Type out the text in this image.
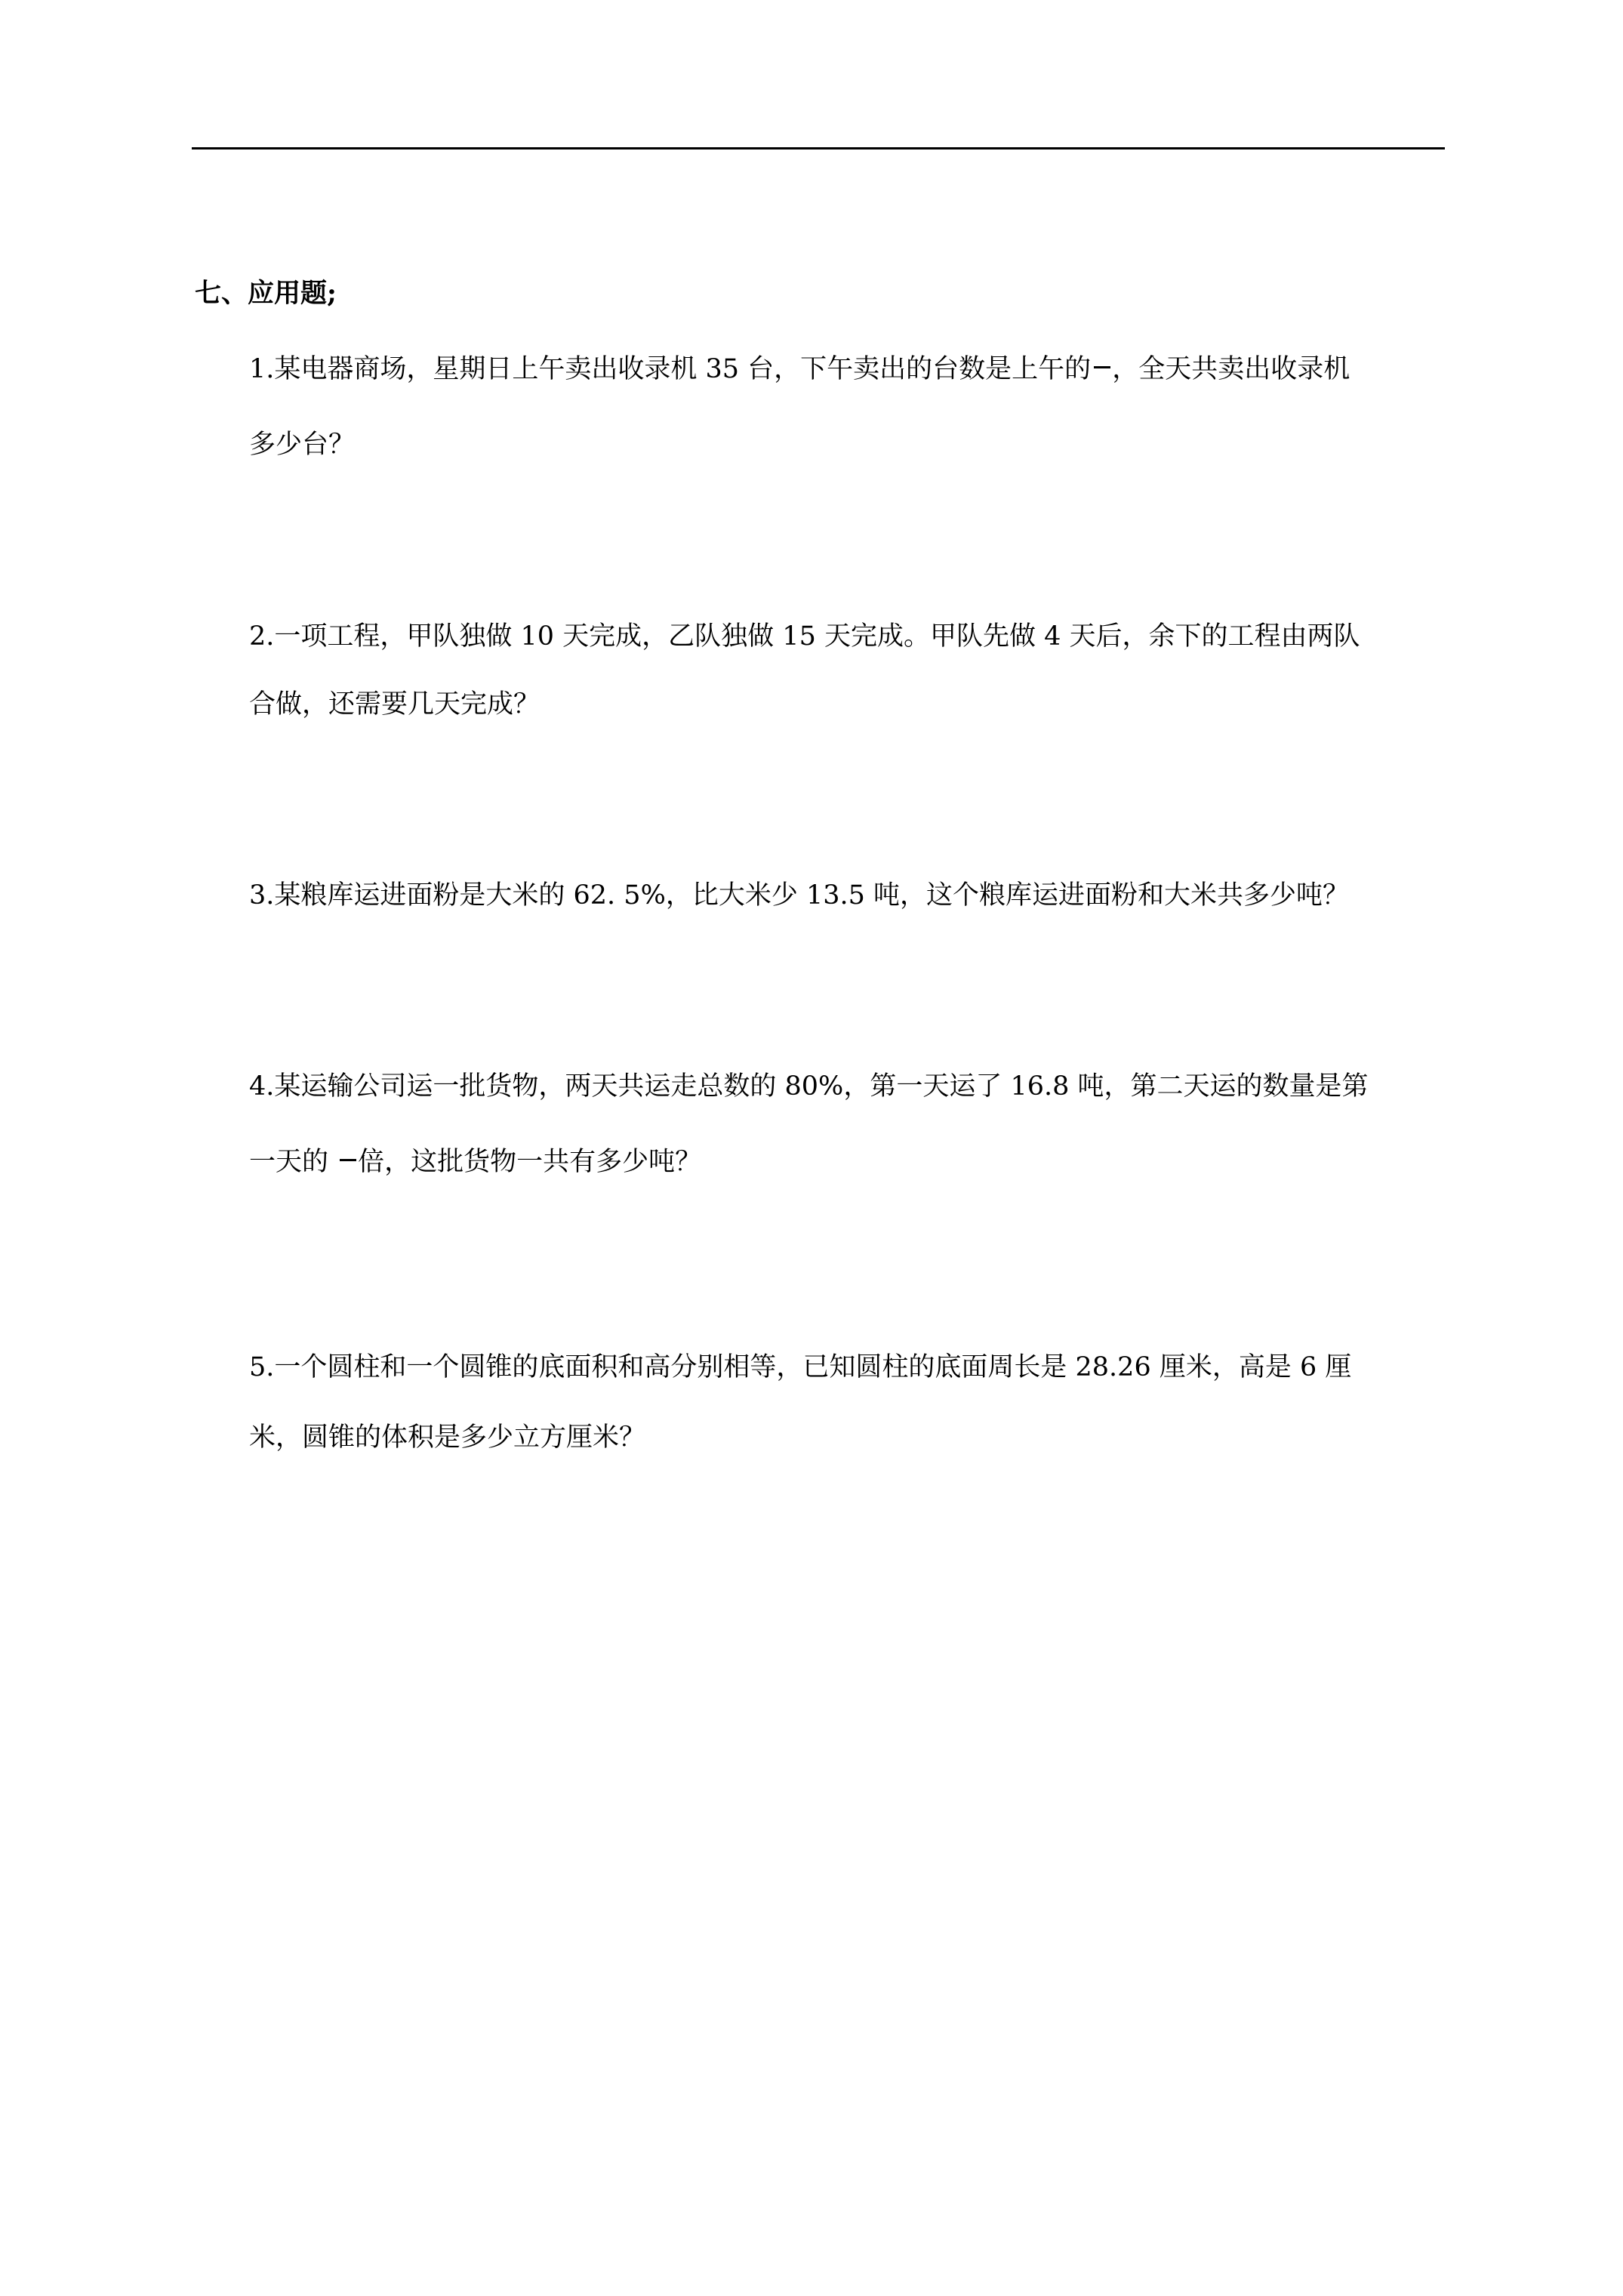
七、应用题;
1.某电器商场，星期日上午卖出收录机 35 台，下午卖出的台数是上午的 ，全天共卖出收录机
多少台？
2.一项工程，甲队独做 10 天完成，乙队独做 15 天完成。甲队先做 4 天后，余下的工程由两队
合做，还需要几天完成？
3.某粮库运进面粉是大米的 62. 5%，比大米少 13.5 吨，这个粮库运进面粉和大米共多少吨？
4.某运输公司运一批货物，两天共运走总数的 80%，第一天运了 16.8 吨，第二天运的数量是第
一天的 倍，这批货物一共有多少吨？
5.一个圆柱和一个圆锥的底面积和高分别相等，已知圆柱的底面周长是 28.26 厘米，高是 6 厘
米，圆锥的体积是多少立方厘米？
